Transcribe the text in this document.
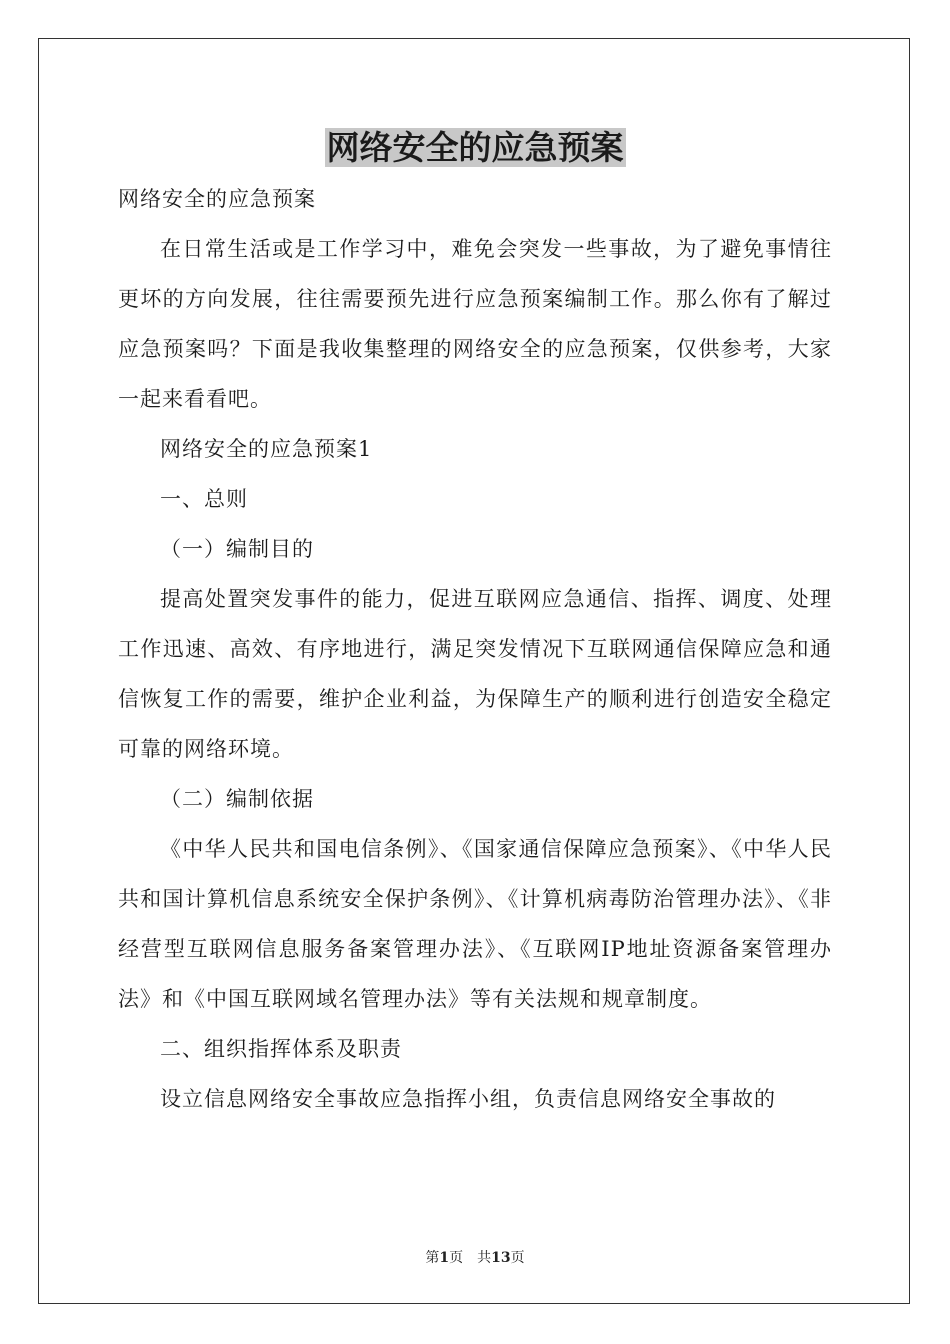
网络安全的应急预案

网络安全的应急预案

在日常生活或是工作学习中，难免会突发一些事故，为了避免事情往更坏的方向发展，往往需要预先进行应急预案编制工作。那么你有了解过应急预案吗？下面是我收集整理的网络安全的应急预案，仅供参考，大家一起来看看吧。

网络安全的应急预案1

一、总则

（一）编制目的

提高处置突发事件的能力，促进互联网应急通信、指挥、调度、处理工作迅速、高效、有序地进行，满足突发情况下互联网通信保障应急和通信恢复工作的需要，维护企业利益，为保障生产的顺利进行创造安全稳定可靠的网络环境。

（二）编制依据

《中华人民共和国电信条例》、《国家通信保障应急预案》、《中华人民共和国计算机信息系统安全保护条例》、《计算机病毒防治管理办法》、《非经营型互联网信息服务备案管理办法》、《互联网IP地址资源备案管理办法》和《中国互联网域名管理办法》等有关法规和规章制度。

二、组织指挥体系及职责

设立信息网络安全事故应急指挥小组，负责信息网络安全事故的

第1页　共13页
